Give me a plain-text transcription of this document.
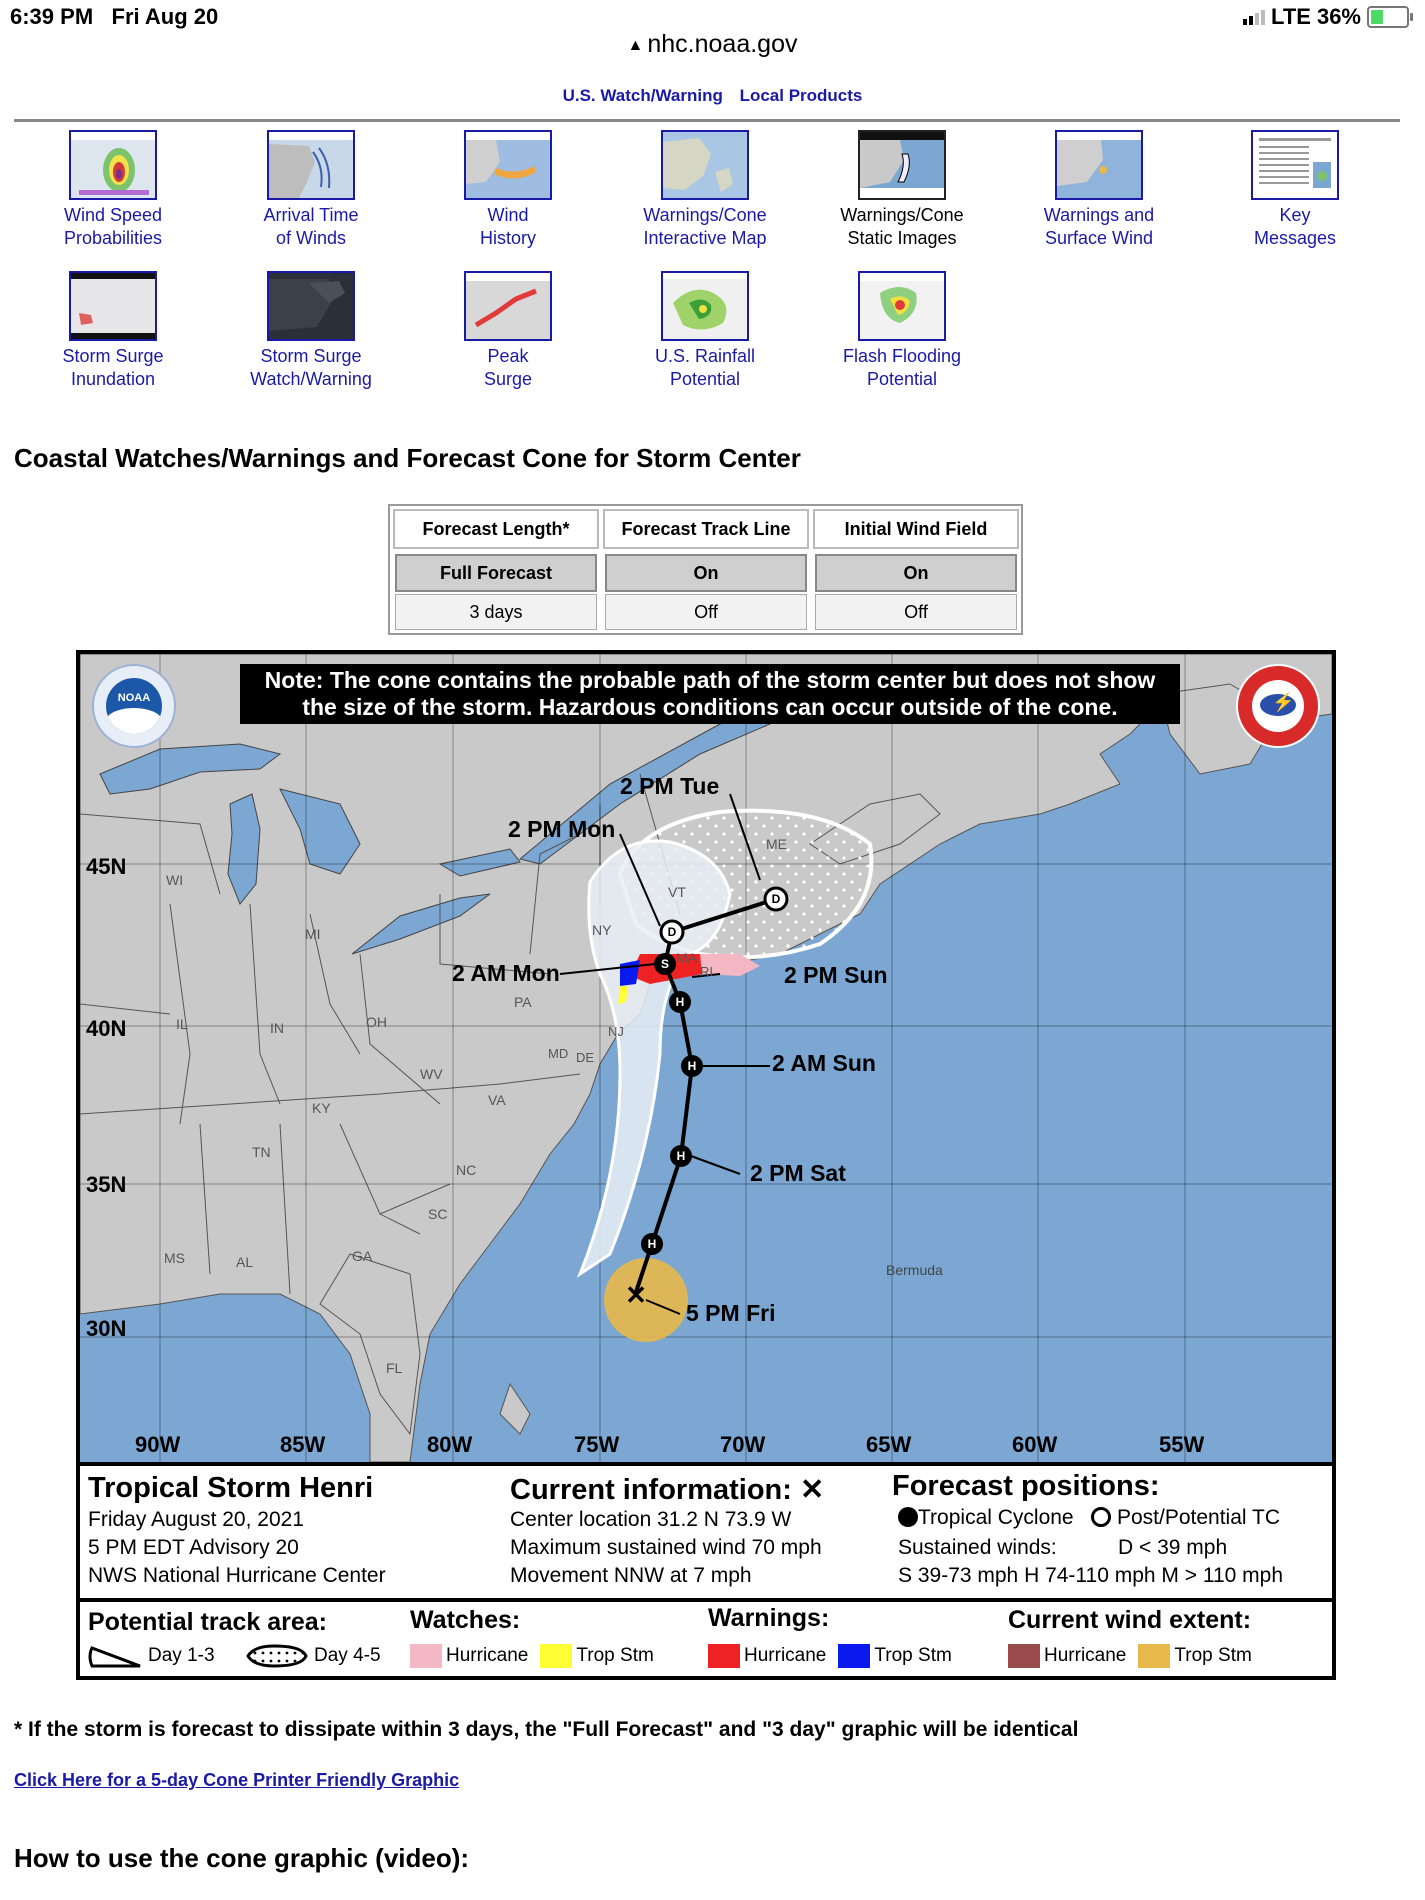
6:39 PM Fri Aug 20	LTE 36%
▲ nhc.noaa.gov
U.S. Watch/Warning Local Products
Wind Speed
Probabilities
Arrival Time
of Winds
Wind
History
Warnings/Cone
Interactive Map
Warnings/Cone
Static Images
Warnings and
Surface Wind
Key
Messages
Storm Surge
Inundation
Storm Surge
Watch/Warning
Peak
Surge
U.S. Rainfall
Potential
Flash Flooding
Potential
Coastal Watches/Warnings and Forecast Cone for Storm Center
Forecast Length*	Forecast Track Line	Initial Wind Field
Full Forecast	On	On
3 days	Off	Off
✕
H
H
H
H
S
D
D
45N
40N
35N
30N
90W	85W	80W	75W	70W	65W	60W	55W
WI
MI
IL	IN	OH
PA
NY
VT
ME
MA
RI
NJ
DE
MD
WV
VA
KY
TN
NC
SC
GA
AL
MS
FL
Bermuda
2 PM Tue
2 PM Mon
2 AM Mon	2 PM Sun
2 AM Sun
2 PM Sat
5 PM Fri
NOAA	⚡
Note: The cone contains the probable path of the storm center but does not show
the size of the storm. Hazardous conditions can occur outside of the cone.
Tropical Storm Henri
Friday August 20, 2021
5 PM EDT Advisory 20
NWS National Hurricane Center
Current information: ✕
Center location 31.2 N 73.9 W
Maximum sustained wind 70 mph
Movement NNW at 7 mph
Forecast positions:
Tropical Cyclone Post/Potential TC
Sustained winds:	D < 39 mph
S 39-73 mph H 74-110 mph M > 110 mph
Potential track area:
Day 1-3	Day 4-5
Watches:
Hurricane	Trop Stm
Warnings:
Hurricane	Trop Stm
Current wind extent:
Hurricane	Trop Stm
* If the storm is forecast to dissipate within 3 days, the "Full Forecast" and "3 day" graphic will be identical
Click Here for a 5-day Cone Printer Friendly Graphic
How to use the cone graphic (video):
